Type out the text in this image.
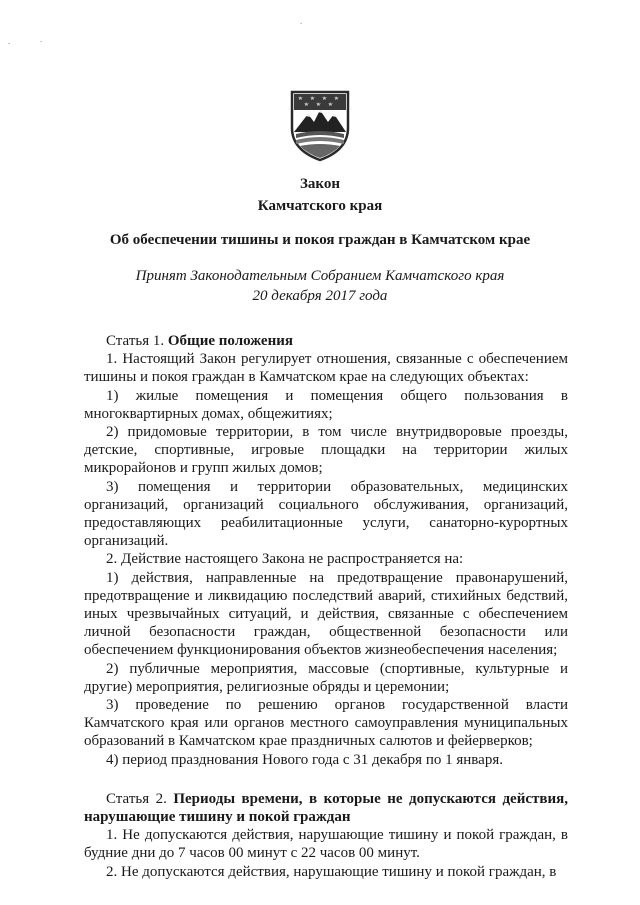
.	.
.
Закон
Камчатского края
Об обеспечении тишины и покоя граждан в Камчатском крае
Принят Законодательным Собранием Камчатского края
20 декабря 2017 года

Статья 1. Общие положения

1. Настоящий Закон регулирует отношения, связанные с обеспечением тишины и покоя граждан в Камчатском крае на следующих объектах:

1) жилые помещения и помещения общего пользования в многоквартирных домах, общежитиях;

2) придомовые территории, в том числе внутридворовые проезды, детские, спортивные, игровые площадки на территории жилых микрорайонов и групп жилых домов;

3) помещения и территории образовательных, медицинских организаций, организаций социального обслуживания, организаций, предоставляющих реабилитационные услуги, санаторно-курортных организаций.

2. Действие настоящего Закона не распространяется на:

1) действия, направленные на предотвращение правонарушений, предотвращение и ликвидацию последствий аварий, стихийных бедствий, иных чрезвычайных ситуаций, и действия, связанные с обеспечением личной безопасности граждан, общественной безопасности или обеспечением функционирования объектов жизнеобеспечения населения;

2) публичные мероприятия, массовые (спортивные, культурные и другие) мероприятия, религиозные обряды и церемонии;

3) проведение по решению органов государственной власти Камчатского края или органов местного самоуправления муниципальных образований в Камчатском крае праздничных салютов и фейерверков;

4) период празднования Нового года с 31 декабря по 1 января.

Статья 2. Периоды времени, в которые не допускаются действия, нарушающие тишину и покой граждан

1. Не допускаются действия, нарушающие тишину и покой граждан, в будние дни до 7 часов 00 минут с 22 часов 00 минут.

2. Не допускаются действия, нарушающие тишину и покой граждан, в
